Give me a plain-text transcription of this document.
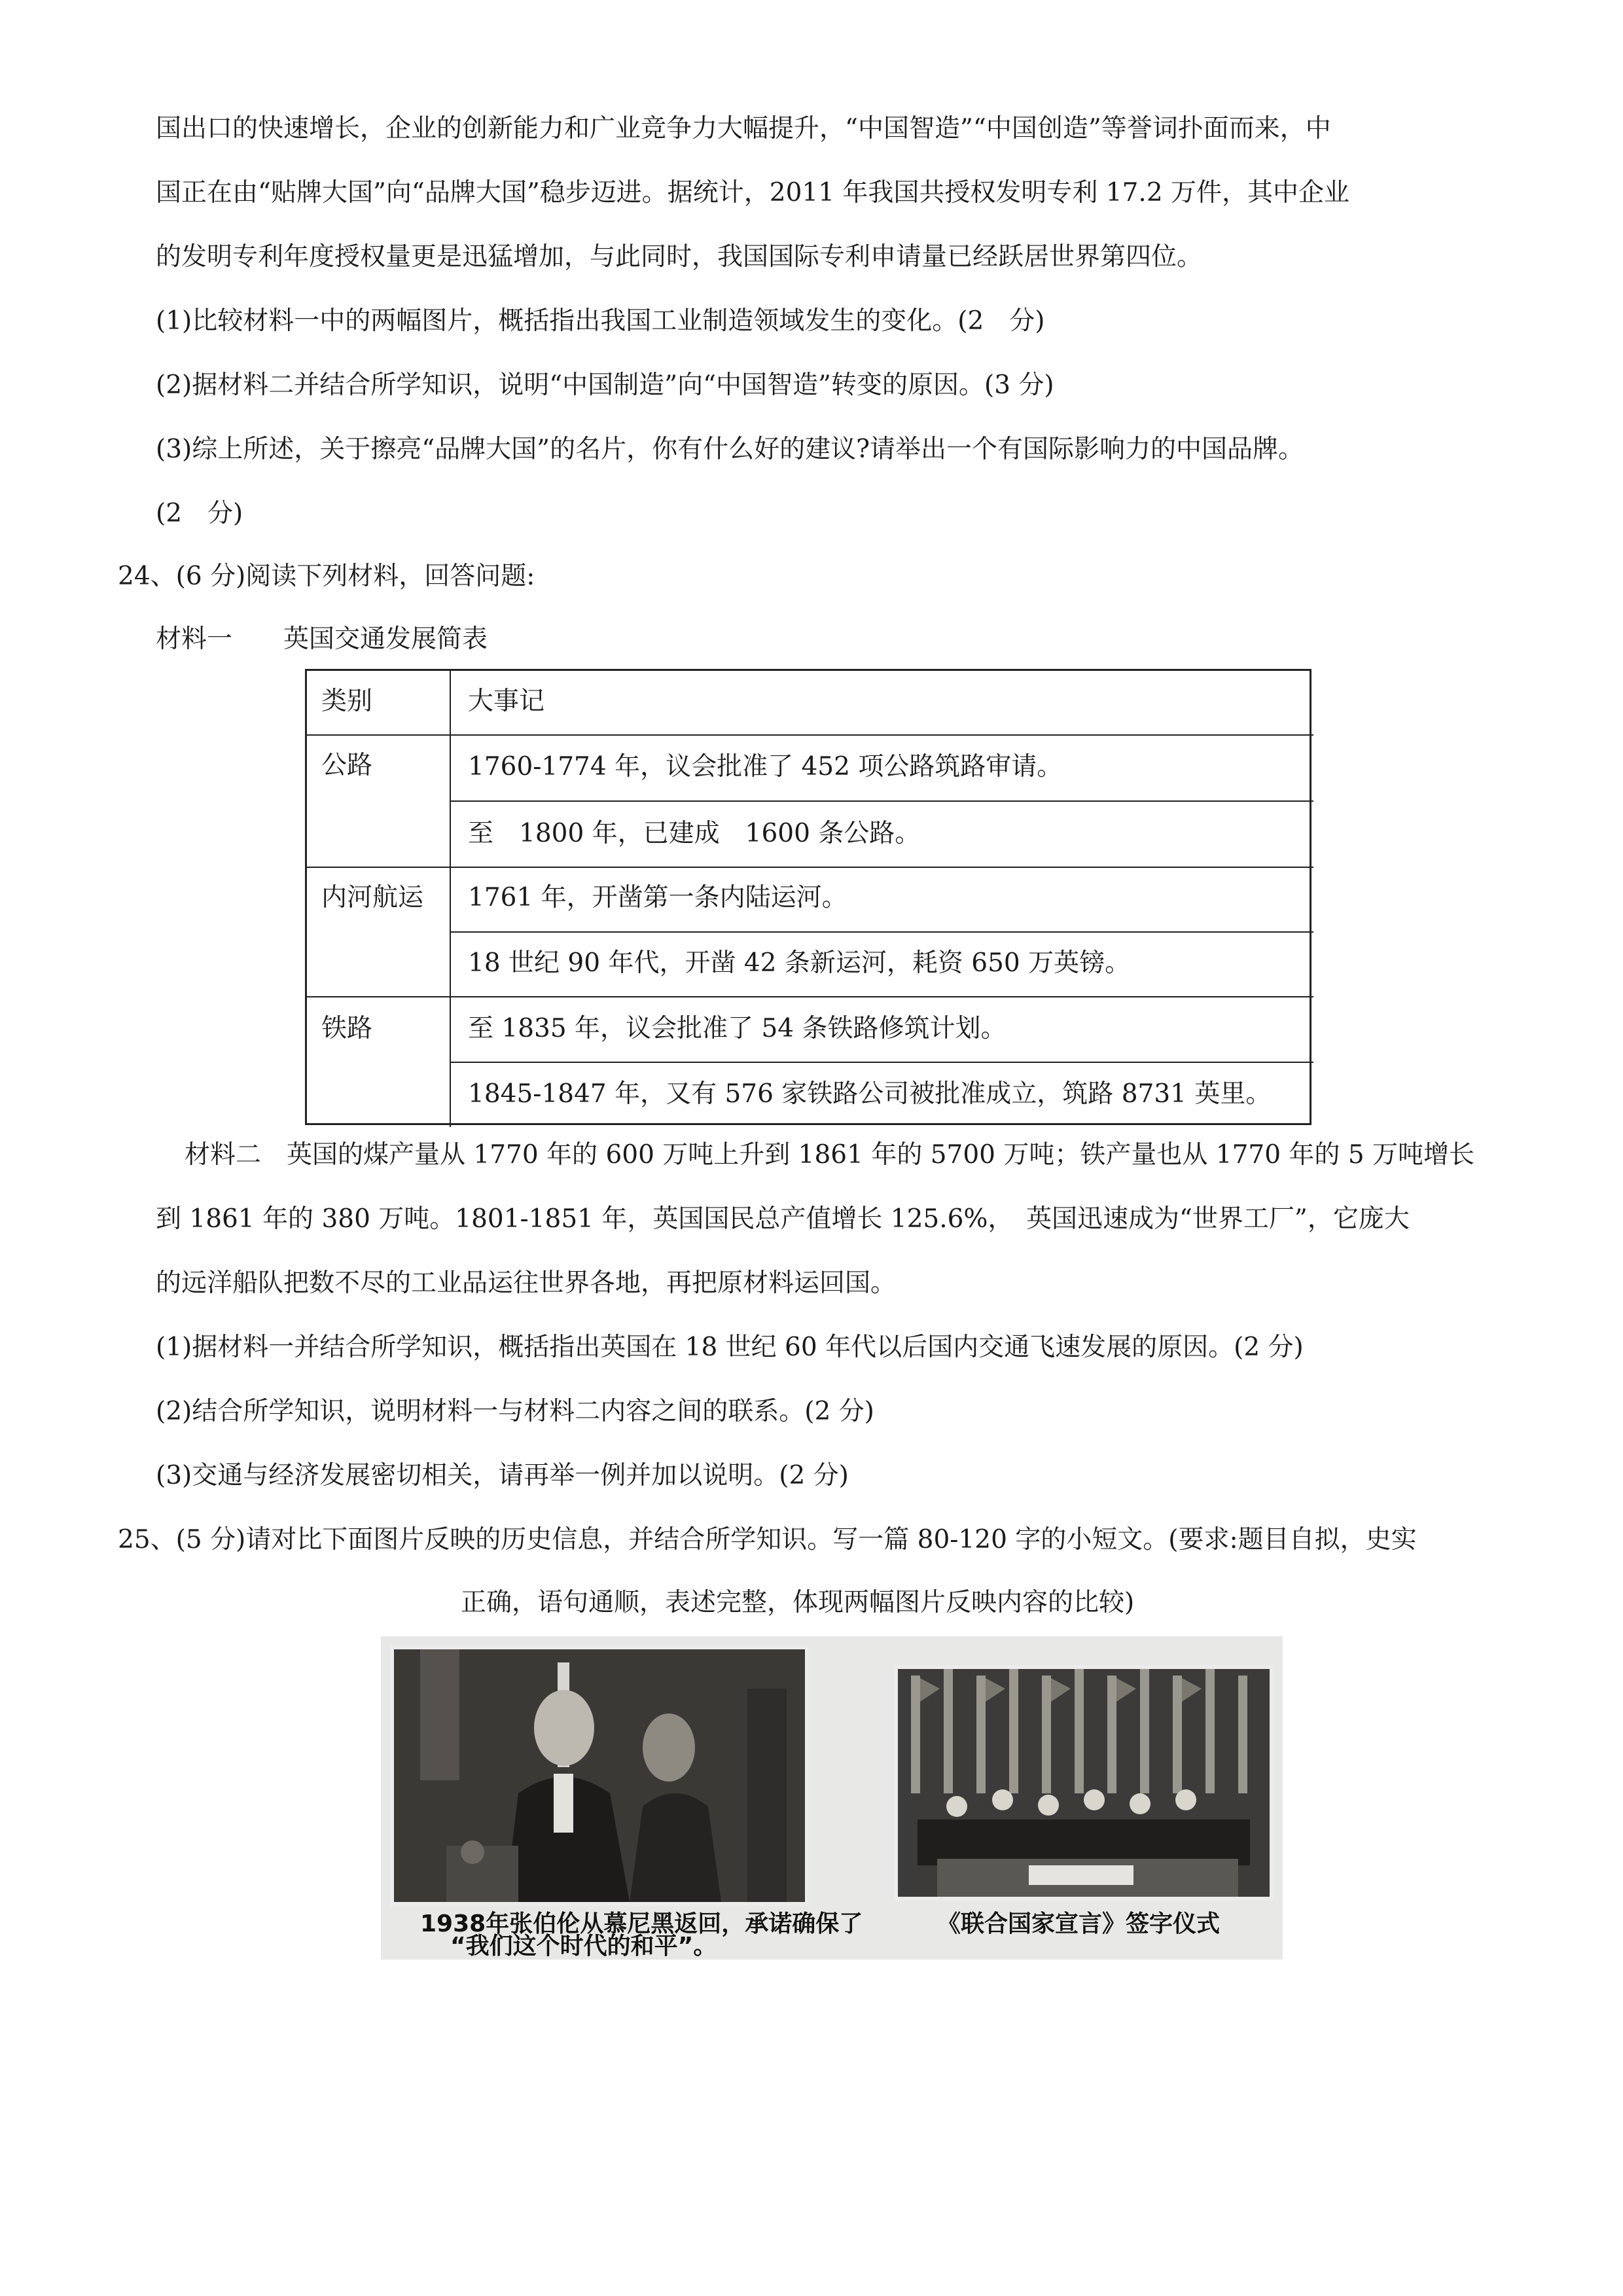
国出口的快速增长，企业的创新能力和广业竞争力大幅提升，“中国智造”“中国创造”等誉词扑面而来，中
国正在由“贴牌大国”向“品牌大国”稳步迈进。据统计，2011 年我国共授权发明专利 17.2 万件，其中企业
的发明专利年度授权量更是迅猛增加，与此同时，我国国际专利申请量已经跃居世界第四位。
(1)比较材料一中的两幅图片，概括指出我国工业制造领域发生的变化。(2　分)
(2)据材料二并结合所学知识，说明“中国制造”向“中国智造”转变的原因。(3 分)
(3)综上所述，关于擦亮“品牌大国”的名片，你有什么好的建议?请举出一个有国际影响力的中国品牌。
(2　分)
24、(6 分)阅读下列材料，回答问题:
材料一　　英国交通发展简表
类别	大事记
公路	1760-1774 年，议会批准了 452 项公路筑路审请。
至　1800 年，已建成　1600 条公路。
内河航运 1761 年，开凿第一条内陆运河。
18 世纪 90 年代，开凿 42 条新运河，耗资 650 万英镑。
铁路	至 1835 年，议会批准了 54 条铁路修筑计划。
1845-1847 年，又有 576 家铁路公司被批准成立，筑路 8731 英里。
材料二　英国的煤产量从 1770 年的 600 万吨上升到 1861 年的 5700 万吨；铁产量也从 1770 年的 5 万吨增长
到 1861 年的 380 万吨。1801-1851 年，英国国民总产值增长 125.6%，　英国迅速成为“世界工厂”，它庞大
的远洋船队把数不尽的工业品运往世界各地，再把原材料运回国。
(1)据材料一并结合所学知识，概括指出英国在 18 世纪 60 年代以后国内交通飞速发展的原因。(2 分)
(2)结合所学知识，说明材料一与材料二内容之间的联系。(2 分)
(3)交通与经济发展密切相关，请再举一例并加以说明。(2 分)
25、(5 分)请对比下面图片反映的历史信息，并结合所学知识。写一篇 80-120 字的小短文。(要求:题目自拟，史实
正确，语句通顺，表述完整，体现两幅图片反映内容的比较)
1938年张伯伦从慕尼黑返回，承诺确保了
“我们这个时代的和平”。
《联合国家宣言》签字仪式
